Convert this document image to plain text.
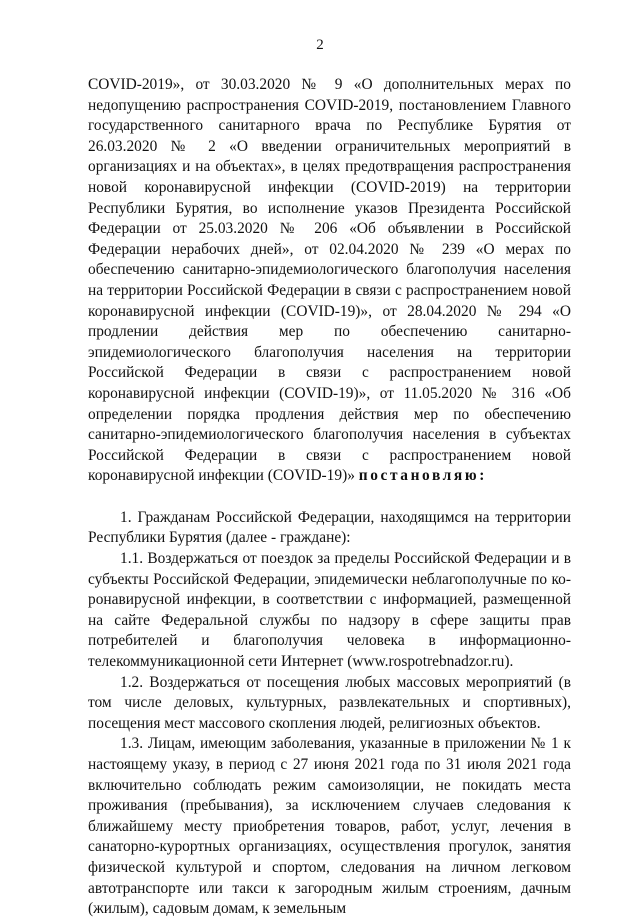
2

COVID-2019», от 30.03.2020 № 9 «О дополнительных мерах по недопущению распространения COVID-2019, постановлением Главного государственного санитарного врача по Республике Бурятия от 26.03.2020 № 2 «О введении ограничительных мероприятий в организациях и на объектах», в целях предотвращения распространения новой коронавирусной инфекции (COVID-2019) на территории Республики Бурятия, во исполнение указов Президента Российской Федерации от 25.03.2020 № 206 «Об объявлении в Российской Федерации нерабочих дней», от 02.04.2020 № 239 «О мерах по обеспечению санитарно-эпидемиологического благополучия населения на территории Российской Федерации в связи с распространением новой коронавирусной инфекции (COVID-19)», от 28.04.2020 № 294 «О продлении действия мер по обеспечению санитарно-эпидемиологического благополучия населения на территории Российской Федерации в связи с распространением новой коронавирусной инфекции (COVID-19)», от 11.05.2020 № 316 «Об определении порядка продления действия мер по обеспечению санитарно-эпидемиологического благополучия населения в субъектах Российской Федерации в связи с распространением новой коронавирусной инфекции (COVID-19)» постановляю:

1. Гражданам Российской Федерации, находящимся на территории Республики Бурятия (далее - граждане):

1.1. Воздержаться от поездок за пределы Российской Федерации и в субъекты Российской Федерации, эпидемически неблагополучные по коронавирусной инфекции, в соответствии с информацией, размещенной на сайте Федеральной службы по надзору в сфере защиты прав потребителей и благополучия человека в информационно-телекоммуникационной сети Интернет (www.rospotrebnadzor.ru).

1.2. Воздержаться от посещения любых массовых мероприятий (в том числе деловых, культурных, развлекательных и спортивных), посещения мест массового скопления людей, религиозных объектов.

1.3. Лицам, имеющим заболевания, указанные в приложении № 1 к настоящему указу, в период с 27 июня 2021 года по 31 июля 2021 года включительно соблюдать режим самоизоляции, не покидать места проживания (пребывания), за исключением случаев следования к ближайшему месту приобретения товаров, работ, услуг, лечения в санаторно-курортных организациях, осуществления прогулок, занятия физической культурой и спортом, следования на личном легковом автотранспорте или такси к загородным жилым строениям, дачным (жилым), садовым домам, к земельным
